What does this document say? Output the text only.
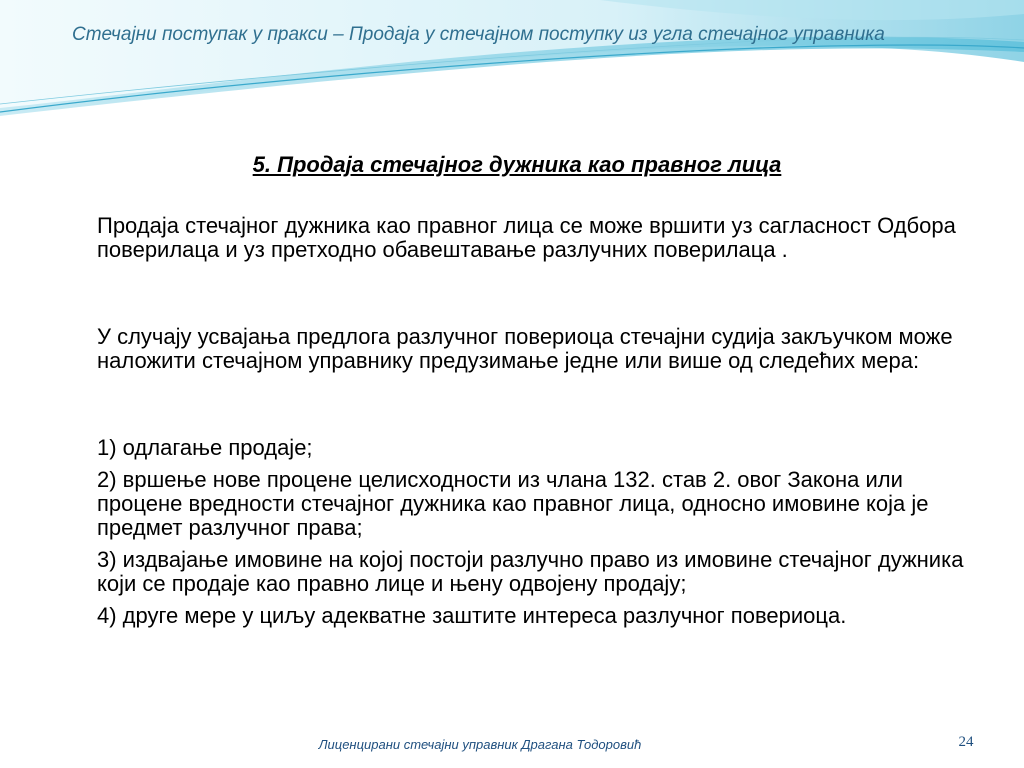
Стечајни поступак у пракси – Продаја у стечајном поступку из угла стечајног управника
5. Продаја стечајног дужника као правног лица
Продаја стечајног дужника као правног лица се може вршити уз сагласност Одбора поверилаца и уз претходно обавештавање разлучних поверилаца .
У случају усвајања предлога разлучног повериоца стечајни судија закључком може наложити стечајном управнику предузимање једне или више од следећих мера:
1) одлагање продаје;
2) вршење нове процене целисходности из члана 132. став 2. овог Закона или процене вредности стечајног дужника као правног лица, односно имовине која је предмет разлучног права;
3) издвајање имовине на којој постоји разлучно право из имовине стечајног дужника који се продаје као правно лице и њену одвојену продају;
4) друге мере у циљу адекватне заштите интереса разлучног повериоца.
Лиценцирани стечајни управник Драгана Тодоровић	24
